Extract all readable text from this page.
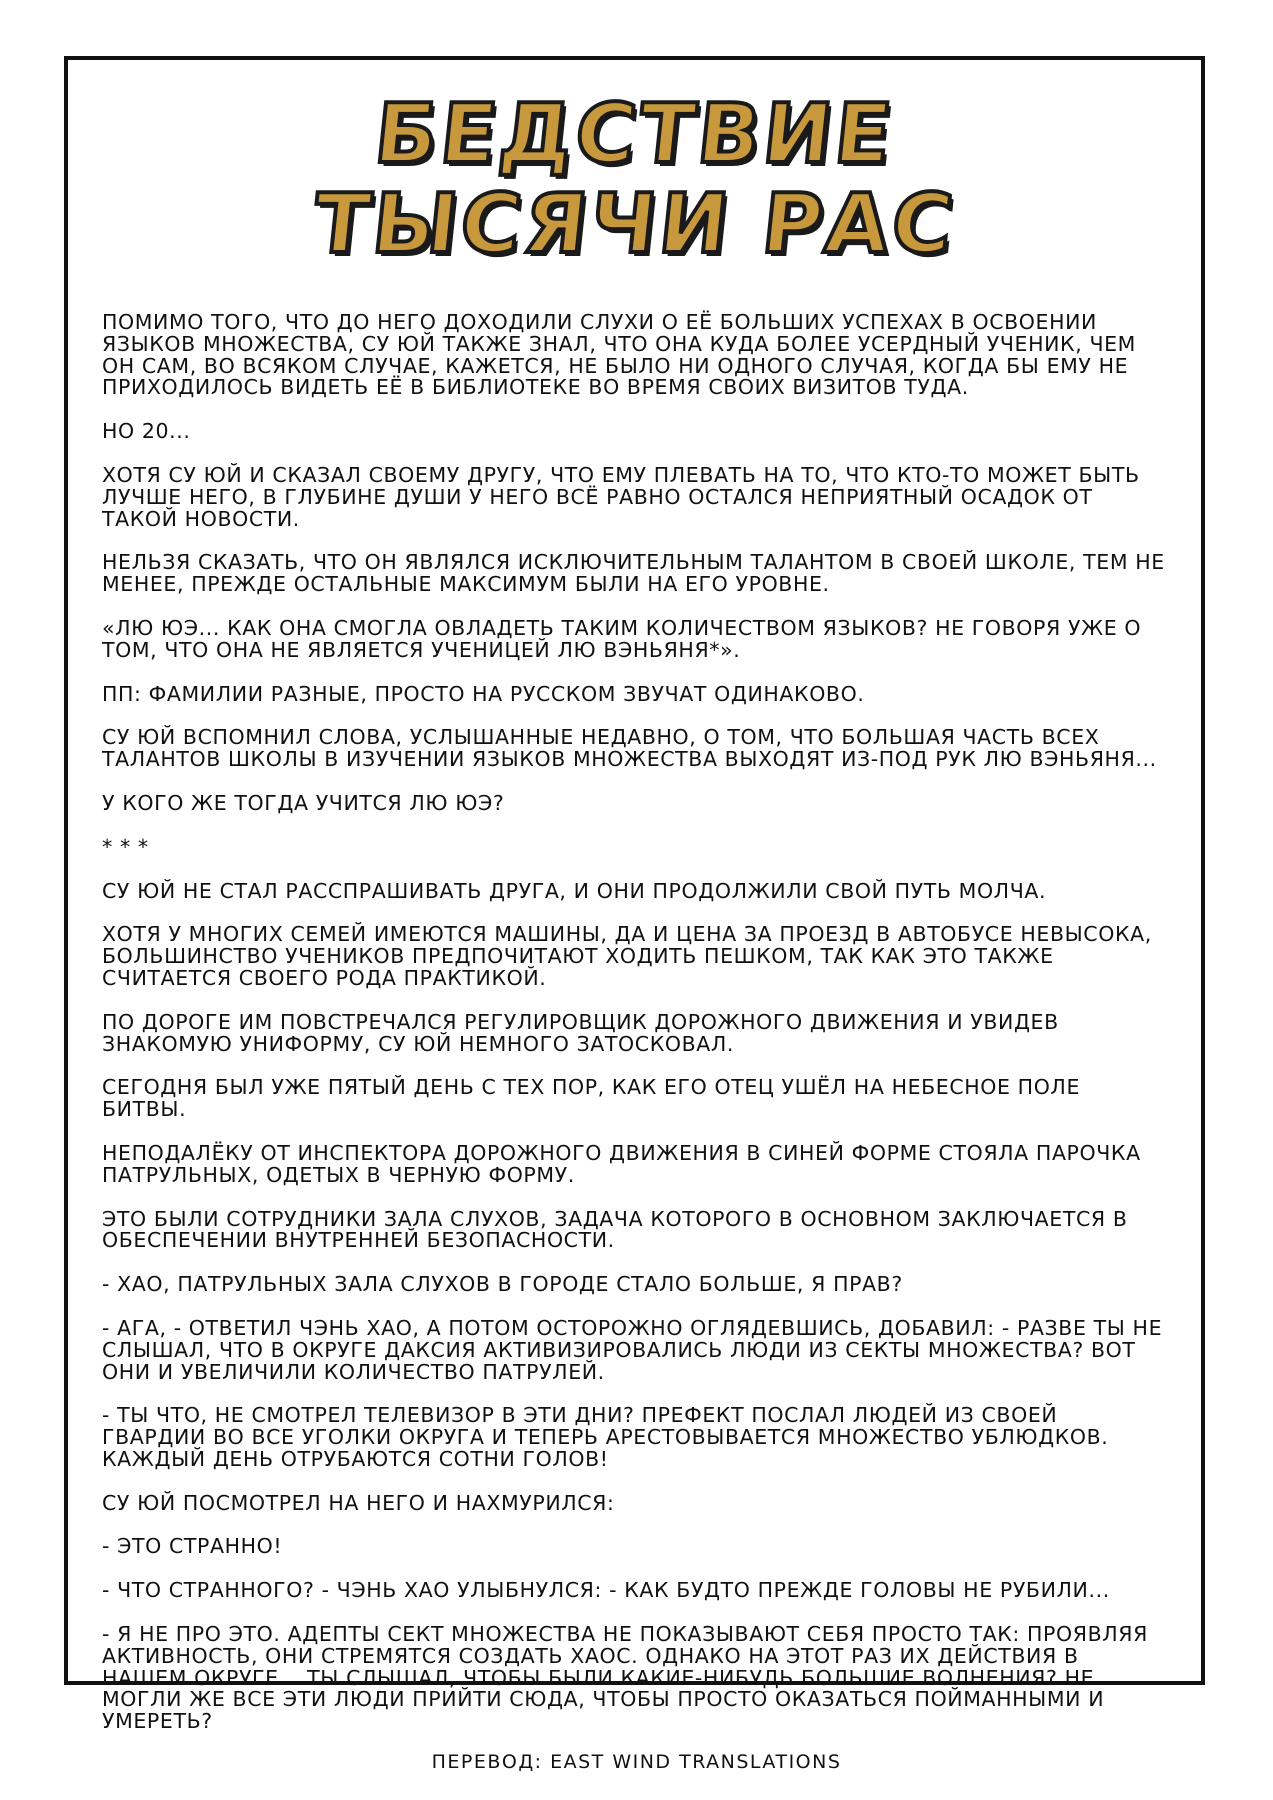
БЕДСТВИЕ
ТЫСЯЧИ РАС

ПОМИМО ТОГО, ЧТО ДО НЕГО ДОХОДИЛИ СЛУХИ О ЕЁ БОЛЬШИХ УСПЕХАХ В ОСВОЕНИИ ЯЗЫКОВ МНОЖЕСТВА, СУ ЮЙ ТАКЖЕ ЗНАЛ, ЧТО ОНА КУДА БОЛЕЕ УСЕРДНЫЙ УЧЕНИК, ЧЕМ ОН САМ, ВО ВСЯКОМ СЛУЧАЕ, КАЖЕТСЯ, НЕ БЫЛО НИ ОДНОГО СЛУЧАЯ, КОГДА БЫ ЕМУ НЕ ПРИХОДИЛОСЬ ВИДЕТЬ ЕЁ В БИБЛИОТЕКЕ ВО ВРЕМЯ СВОИХ ВИЗИТОВ ТУДА.

НО 20...

ХОТЯ СУ ЮЙ И СКАЗАЛ СВОЕМУ ДРУГУ, ЧТО ЕМУ ПЛЕВАТЬ НА ТО, ЧТО КТО-ТО МОЖЕТ БЫТЬ ЛУЧШЕ НЕГО, В ГЛУБИНЕ ДУШИ У НЕГО ВСЁ РАВНО ОСТАЛСЯ НЕПРИЯТНЫЙ ОСАДОК ОТ ТАКОЙ НОВОСТИ.

НЕЛЬЗЯ СКАЗАТЬ, ЧТО ОН ЯВЛЯЛСЯ ИСКЛЮЧИТЕЛЬНЫМ ТАЛАНТОМ В СВОЕЙ ШКОЛЕ, ТЕМ НЕ МЕНЕЕ, ПРЕЖДЕ ОСТАЛЬНЫЕ МАКСИМУМ БЫЛИ НА ЕГО УРОВНЕ.

«ЛЮ ЮЭ... КАК ОНА СМОГЛА ОВЛАДЕТЬ ТАКИМ КОЛИЧЕСТВОМ ЯЗЫКОВ? НЕ ГОВОРЯ УЖЕ О ТОМ, ЧТО ОНА НЕ ЯВЛЯЕТСЯ УЧЕНИЦЕЙ ЛЮ ВЭНЬЯНЯ*».

ПП: ФАМИЛИИ РАЗНЫЕ, ПРОСТО НА РУССКОМ ЗВУЧАТ ОДИНАКОВО.

СУ ЮЙ ВСПОМНИЛ СЛОВА, УСЛЫШАННЫЕ НЕДАВНО, О ТОМ, ЧТО БОЛЬШАЯ ЧАСТЬ ВСЕХ ТАЛАНТОВ ШКОЛЫ В ИЗУЧЕНИИ ЯЗЫКОВ МНОЖЕСТВА ВЫХОДЯТ ИЗ-ПОД РУК ЛЮ ВЭНЬЯНЯ...

У КОГО ЖЕ ТОГДА УЧИТСЯ ЛЮ ЮЭ?

* * *

СУ ЮЙ НЕ СТАЛ РАССПРАШИВАТЬ ДРУГА, И ОНИ ПРОДОЛЖИЛИ СВОЙ ПУТЬ МОЛЧА.

ХОТЯ У МНОГИХ СЕМЕЙ ИМЕЮТСЯ МАШИНЫ, ДА И ЦЕНА ЗА ПРОЕЗД В АВТОБУСЕ НЕВЫСОКА, БОЛЬШИНСТВО УЧЕНИКОВ ПРЕДПОЧИТАЮТ ХОДИТЬ ПЕШКОМ, ТАК КАК ЭТО ТАКЖЕ СЧИТАЕТСЯ СВОЕГО РОДА ПРАКТИКОЙ.

ПО ДОРОГЕ ИМ ПОВСТРЕЧАЛСЯ РЕГУЛИРОВЩИК ДОРОЖНОГО ДВИЖЕНИЯ И УВИДЕВ ЗНАКОМУЮ УНИФОРМУ, СУ ЮЙ НЕМНОГО ЗАТОСКОВАЛ.

СЕГОДНЯ БЫЛ УЖЕ ПЯТЫЙ ДЕНЬ С ТЕХ ПОР, КАК ЕГО ОТЕЦ УШЁЛ НА НЕБЕСНОЕ ПОЛЕ БИТВЫ.

НЕПОДАЛЁКУ ОТ ИНСПЕКТОРА ДОРОЖНОГО ДВИЖЕНИЯ В СИНЕЙ ФОРМЕ СТОЯЛА ПАРОЧКА ПАТРУЛЬНЫХ, ОДЕТЫХ В ЧЕРНУЮ ФОРМУ.

ЭТО БЫЛИ СОТРУДНИКИ ЗАЛА СЛУХОВ, ЗАДАЧА КОТОРОГО В ОСНОВНОМ ЗАКЛЮЧАЕТСЯ В ОБЕСПЕЧЕНИИ ВНУТРЕННЕЙ БЕЗОПАСНОСТИ.

- ХАО, ПАТРУЛЬНЫХ ЗАЛА СЛУХОВ В ГОРОДЕ СТАЛО БОЛЬШЕ, Я ПРАВ?

- АГА, - ОТВЕТИЛ ЧЭНЬ ХАО, А ПОТОМ ОСТОРОЖНО ОГЛЯДЕВШИСЬ, ДОБАВИЛ: - РАЗВЕ ТЫ НЕ СЛЫШАЛ, ЧТО В ОКРУГЕ ДАКСИЯ АКТИВИЗИРОВАЛИСЬ ЛЮДИ ИЗ СЕКТЫ МНОЖЕСТВА? ВОТ ОНИ И УВЕЛИЧИЛИ КОЛИЧЕСТВО ПАТРУЛЕЙ.

- ТЫ ЧТО, НЕ СМОТРЕЛ ТЕЛЕВИЗОР В ЭТИ ДНИ? ПРЕФЕКТ ПОСЛАЛ ЛЮДЕЙ ИЗ СВОЕЙ ГВАРДИИ ВО ВСЕ УГОЛКИ ОКРУГА И ТЕПЕРЬ АРЕСТОВЫВАЕТСЯ МНОЖЕСТВО УБЛЮДКОВ. КАЖДЫЙ ДЕНЬ ОТРУБАЮТСЯ СОТНИ ГОЛОВ!

СУ ЮЙ ПОСМОТРЕЛ НА НЕГО И НАХМУРИЛСЯ:

- ЭТО СТРАННО!

- ЧТО СТРАННОГО? - ЧЭНЬ ХАО УЛЫБНУЛСЯ: - КАК БУДТО ПРЕЖДЕ ГОЛОВЫ НЕ РУБИЛИ...

- Я НЕ ПРО ЭТО. АДЕПТЫ СЕКТ МНОЖЕСТВА НЕ ПОКАЗЫВАЮТ СЕБЯ ПРОСТО ТАК: ПРОЯВЛЯЯ АКТИВНОСТЬ, ОНИ СТРЕМЯТСЯ СОЗДАТЬ ХАОС. ОДНАКО НА ЭТОТ РАЗ ИХ ДЕЙСТВИЯ В НАШЕМ ОКРУГЕ... ТЫ СЛЫШАЛ, ЧТОБЫ БЫЛИ КАКИЕ-НИБУДЬ БОЛЬШИЕ ВОЛНЕНИЯ? НЕ МОГЛИ ЖЕ ВСЕ ЭТИ ЛЮДИ ПРИЙТИ СЮДА, ЧТОБЫ ПРОСТО ОКАЗАТЬСЯ ПОЙМАННЫМИ И УМЕРЕТЬ?

ПЕРЕВОД: EAST WIND TRANSLATIONS
